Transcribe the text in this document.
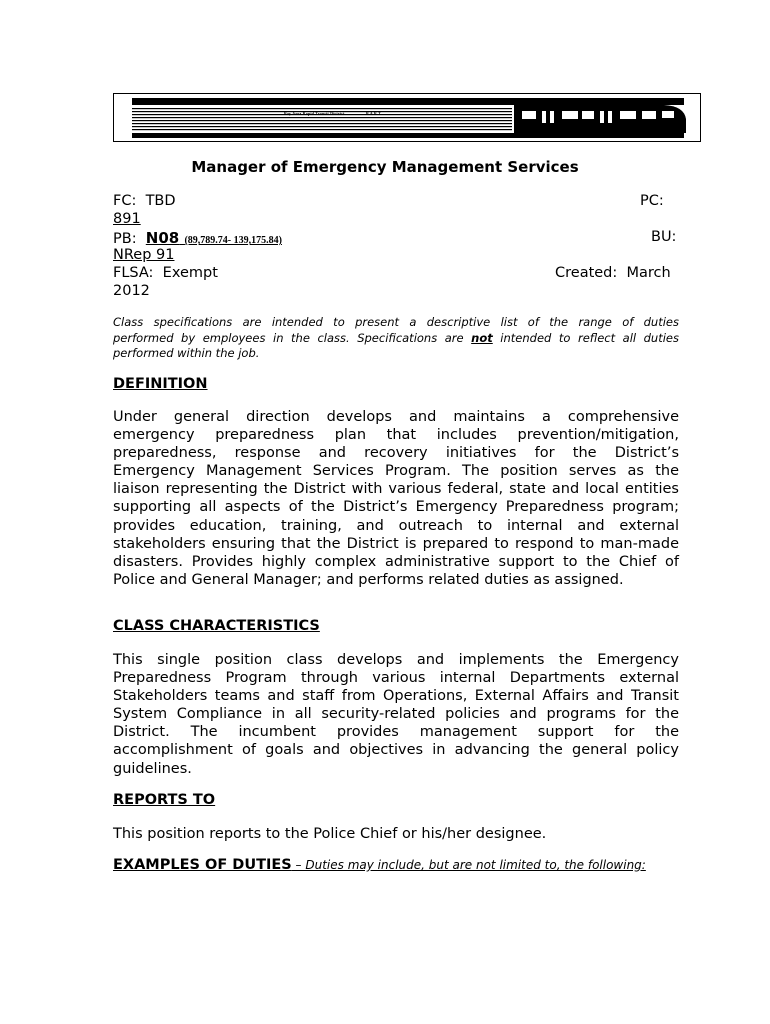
Bay Area Rapid Transit District	B A R T
Manager of Emergency Management Services
FC: TBD	PC:
891
PB: N08 (89,789.74- 139,175.84)	BU:
NRep 91
FLSA: Exempt	Created: March
2012
Class specifications are intended to present a descriptive list of the range of duties
performed by employees in the class. Specifications are not intended to reflect all duties
performed within the job.
DEFINITION
Under general direction develops and maintains a comprehensive
emergency preparedness plan that includes prevention/mitigation,
preparedness, response and recovery initiatives for the District’s
Emergency Management Services Program. The position serves as the
liaison representing the District with various federal, state and local entities
supporting all aspects of the District’s Emergency Preparedness program;
provides education, training, and outreach to internal and external
stakeholders ensuring that the District is prepared to respond to man-made
disasters. Provides highly complex administrative support to the Chief of
Police and General Manager; and performs related duties as assigned.
CLASS CHARACTERISTICS
This single position class develops and implements the Emergency
Preparedness Program through various internal Departments external
Stakeholders teams and staff from Operations, External Affairs and Transit
System Compliance in all security-related policies and programs for the
District. The incumbent provides management support for the
accomplishment of goals and objectives in advancing the general policy
guidelines.
REPORTS TO
This position reports to the Police Chief or his/her designee.
EXAMPLES OF DUTIES – Duties may include, but are not limited to, the following:
